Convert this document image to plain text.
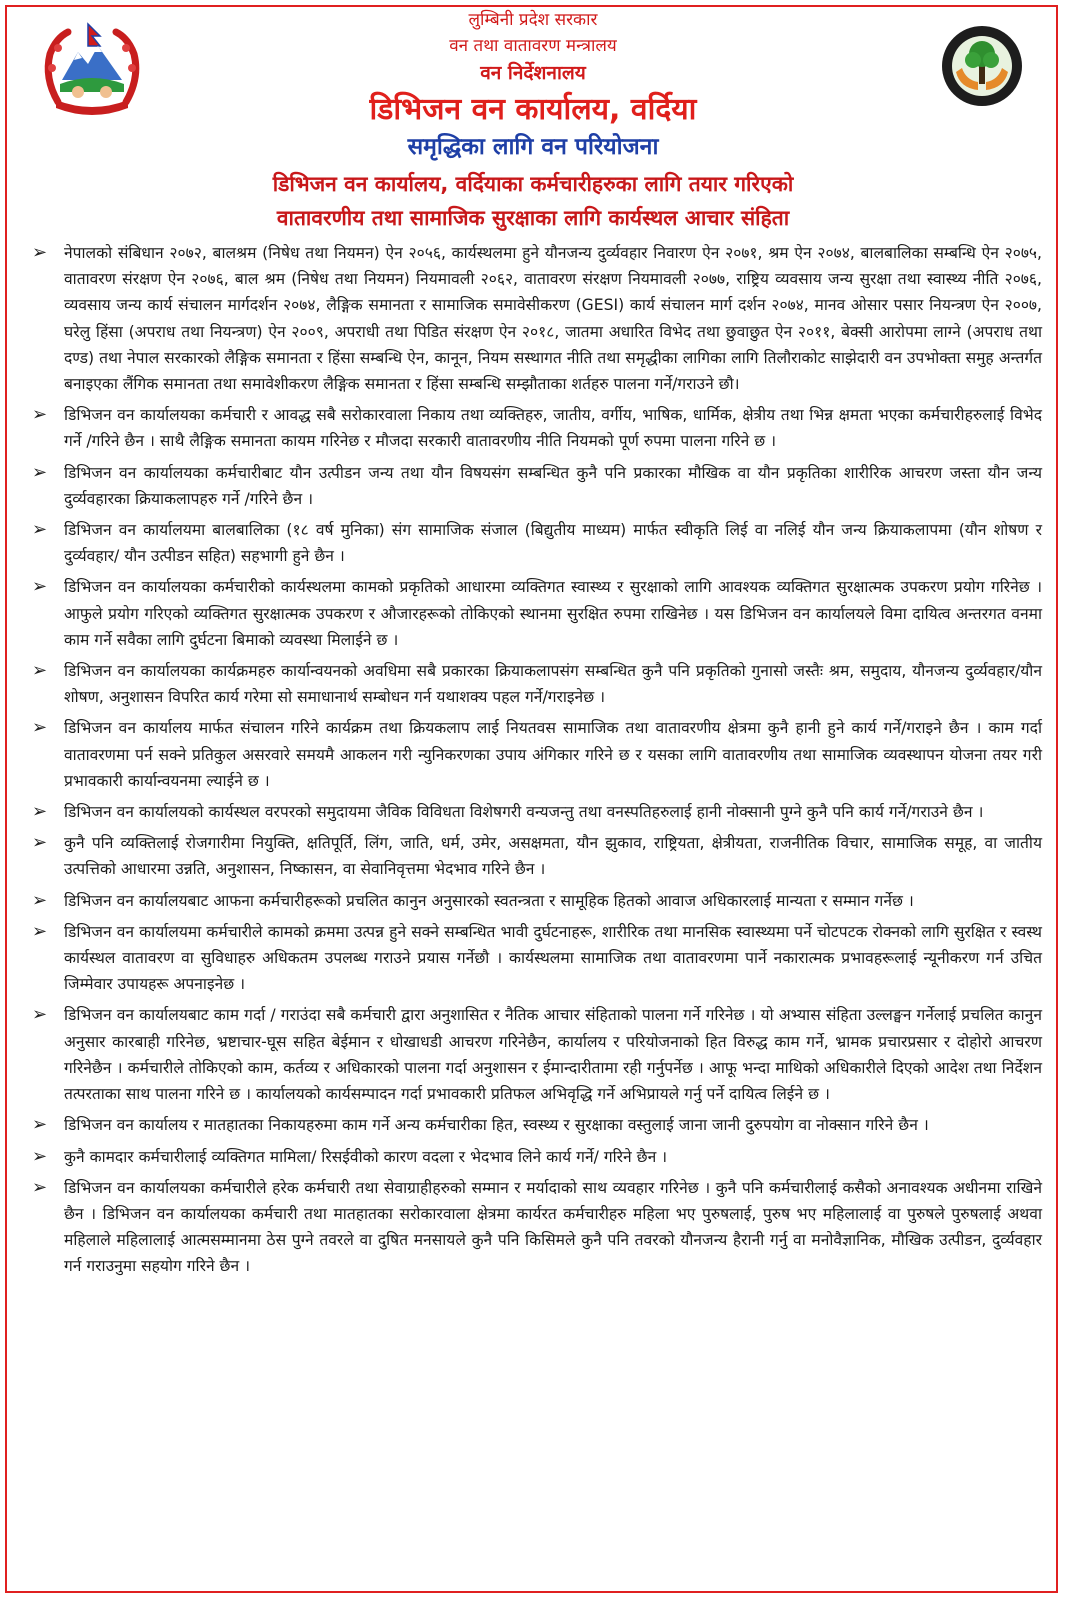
लुम्बिनी प्रदेश सरकार
वन तथा वातावरण मन्त्रालय
वन निर्देशनालय
डिभिजन वन कार्यालय, वर्दिया
समृद्धिका लागि वन परियोजना
डिभिजन वन कार्यालय, वर्दियाका कर्मचारीहरुका लागि तयार गरिएको
वातावरणीय तथा सामाजिक सुरक्षाका लागि कार्यस्थल आचार संहिता
➢ नेपालको संबिधान २०७२, बालश्रम (निषेध तथा नियमन) ऐन २०५६, कार्यस्थलमा हुने यौनजन्य दुर्व्यवहार निवारण ऐन २०७१, श्रम ऐन २०७४, बालबालिका सम्बन्धि ऐन २०७५, वातावरण संरक्षण ऐन २०७६, बाल श्रम (निषेध तथा नियमन) नियमावली २०६२, वातावरण संरक्षण नियमावली २०७७, राष्ट्रिय व्यवसाय जन्य सुरक्षा तथा स्वास्थ्य नीति २०७६, व्यवसाय जन्य कार्य संचालन मार्गदर्शन २०७४, लैङ्गिक समानता र सामाजिक समावेसीकरण (GESI) कार्य संचालन मार्ग दर्शन २०७४, मानव ओसार पसार नियन्त्रण ऐन २००७, घरेलु हिंसा (अपराध तथा नियन्त्रण) ऐन २००९, अपराधी तथा पिडित संरक्षण ऐन २०१८, जातमा अधारित विभेद तथा छुवाछुत ऐन २०११, बेक्सी आरोपमा लाग्ने (अपराध तथा दण्ड) तथा नेपाल सरकारको लैङ्गिक समानता र हिंसा सम्बन्धि ऐन, कानून, नियम सस्थागत नीति तथा समृद्धीका लागिका लागि तिलौराकोट साझेदारी वन उपभोक्ता समुह अन्तर्गत बनाइएका लैंगिक समानता तथा समावेशीकरण लैङ्गिक समानता र हिंसा सम्बन्धि सम्झौताका शर्तहरु पालना गर्ने/गराउने छौ।
➢ डिभिजन वन कार्यालयका कर्मचारी र आवद्ध सबै सरोकारवाला निकाय तथा व्यक्तिहरु, जातीय, वर्गीय, भाषिक, धार्मिक, क्षेत्रीय तथा भिन्न क्षमता भएका कर्मचारीहरुलाई विभेद गर्ने /गरिने छैन । साथै लैङ्गिक समानता कायम गरिनेछ र मौजदा सरकारी वातावरणीय नीति नियमको पूर्ण रुपमा पालना गरिने छ ।
➢ डिभिजन वन कार्यालयका कर्मचारीबाट यौन उत्पीडन जन्य तथा यौन विषयसंग सम्बन्धित कुनै पनि प्रकारका मौखिक वा यौन प्रकृतिका शारीरिक आचरण जस्ता यौन जन्य दुर्व्यवहारका क्रियाकलापहरु गर्ने /गरिने छैन ।
➢ डिभिजन वन कार्यालयमा बालबालिका (१८ वर्ष मुनिका) संग सामाजिक संजाल (बिद्युतीय माध्यम) मार्फत स्वीकृति लिई वा नलिई यौन जन्य क्रियाकलापमा (यौन शोषण र दुर्व्यवहार/ यौन उत्पीडन सहित) सहभागी हुने छैन ।
➢ डिभिजन वन कार्यालयका कर्मचारीको कार्यस्थलमा कामको प्रकृतिको आधारमा व्यक्तिगत स्वास्थ्य र सुरक्षाको लागि आवश्यक व्यक्तिगत सुरक्षात्मक उपकरण प्रयोग गरिनेछ । आफुले प्रयोग गरिएको व्यक्तिगत सुरक्षात्मक उपकरण र औजारहरूको तोकिएको स्थानमा सुरक्षित रुपमा राखिनेछ । यस डिभिजन वन कार्यालयले विमा दायित्व अन्तरगत वनमा काम गर्ने सवैका लागि दुर्घटना बिमाको व्यवस्था मिलाईने छ ।
➢ डिभिजन वन कार्यालयका कार्यक्रमहरु कार्यान्वयनको अवधिमा सबै प्रकारका क्रियाकलापसंग सम्बन्धित कुनै पनि प्रकृतिको गुनासो जस्तैः श्रम, समुदाय, यौनजन्य दुर्व्यवहार/यौन शोषण, अनुशासन विपरित कार्य गरेमा सो समाधानार्थ सम्बोधन गर्न यथाशक्य पहल गर्ने/गराइनेछ ।
➢ डिभिजन वन कार्यालय मार्फत संचालन गरिने कार्यक्रम तथा क्रियकलाप लाई नियतवस सामाजिक तथा वातावरणीय क्षेत्रमा कुनै हानी हुने कार्य गर्ने/गराइने छैन । काम गर्दा वातावरणमा पर्न सक्ने प्रतिकुल असरवारे समयमै आकलन गरी न्युनिकरणका उपाय अंगिकार गरिने छ र यसका लागि वातावरणीय तथा सामाजिक व्यवस्थापन योजना तयर गरी प्रभावकारी कार्यान्वयनमा ल्याईने छ ।
➢ डिभिजन वन कार्यालयको कार्यस्थल वरपरको समुदायमा जैविक विविधता विशेषगरी वन्यजन्तु तथा वनस्पतिहरुलाई हानी नोक्सानी पुग्ने कुनै पनि कार्य गर्ने/गराउने छैन ।
➢ कुनै पनि व्यक्तिलाई रोजगारीमा नियुक्ति, क्षतिपूर्ति, लिंग, जाति, धर्म, उमेर, असक्षमता, यौन झुकाव, राष्ट्रियता, क्षेत्रीयता, राजनीतिक विचार, सामाजिक समूह, वा जातीय उत्पत्तिको आधारमा उन्नति, अनुशासन, निष्कासन, वा सेवानिवृत्तमा भेदभाव गरिने छैन ।
➢ डिभिजन वन कार्यालयबाट आफना कर्मचारीहरूको प्रचलित कानुन अनुसारको स्वतन्त्रता र सामूहिक हितको आवाज अधिकारलाई मान्यता र सम्मान गर्नेछ ।
➢ डिभिजन वन कार्यालयमा कर्मचारीले कामको क्रममा उत्पन्न हुने सक्ने सम्बन्धित भावी दुर्घटनाहरू, शारीरिक तथा मानसिक स्वास्थ्यमा पर्ने चोटपटक रोक्नको लागि सुरक्षित र स्वस्थ कार्यस्थल वातावरण वा सुविधाहरु अधिकतम उपलब्ध गराउने प्रयास गर्नेछौ । कार्यस्थलमा सामाजिक तथा वातावरणमा पार्ने नकारात्मक प्रभावहरूलाई न्यूनीकरण गर्न उचित जिम्मेवार उपायहरू अपनाइनेछ ।
➢ डिभिजन वन कार्यालयबाट काम गर्दा / गराउंदा सबै कर्मचारी द्वारा अनुशासित र नैतिक आचार संहिताको पालना गर्ने गरिनेछ । यो अभ्यास संहिता उल्लङ्घन गर्नेलाई प्रचलित कानुन अनुसार कारबाही गरिनेछ, भ्रष्टाचार-घूस सहित बेईमान र धोखाधडी आचरण गरिनेछैन, कार्यालय र परियोजनाको हित विरुद्ध काम गर्ने, भ्रामक प्रचारप्रसार र दोहोरो आचरण गरिनेछैन । कर्मचारीले तोकिएको काम, कर्तव्य र अधिकारको पालना गर्दा अनुशासन र ईमान्दारीतामा रही गर्नुपर्नेछ । आफू भन्दा माथिको अधिकारीले दिएको आदेश तथा निर्देशन तत्परताका साथ पालना गरिने छ । कार्यालयको कार्यसम्पादन गर्दा प्रभावकारी प्रतिफल अभिवृद्धि गर्ने अभिप्रायले गर्नु पर्ने दायित्व लिईने छ ।
➢ डिभिजन वन कार्यालय र मातहातका निकायहरुमा काम गर्ने अन्य कर्मचारीका हित, स्वस्थ्य र सुरक्षाका वस्तुलाई जाना जानी दुरुपयोग वा नोक्सान गरिने छैन ।
➢ कुनै कामदार कर्मचारीलाई व्यक्तिगत मामिला/ रिसईवीको कारण वदला र भेदभाव लिने कार्य गर्ने/ गरिने छैन ।
➢ डिभिजन वन कार्यालयका कर्मचारीले हरेक कर्मचारी तथा सेवाग्राहीहरुको सम्मान र मर्यादाको साथ व्यवहार गरिनेछ । कुनै पनि कर्मचारीलाई कसैको अनावश्यक अधीनमा राखिने छैन । डिभिजन वन कार्यालयका कर्मचारी तथा मातहातका सरोकारवाला क्षेत्रमा कार्यरत कर्मचारीहरु महिला भए पुरुषलाई, पुरुष भए महिलालाई वा पुरुषले पुरुषलाई अथवा महिलाले महिलालाई आत्मसम्मानमा ठेस पुग्ने तवरले वा दुषित मनसायले कुनै पनि किसिमले कुनै पनि तवरको यौनजन्य हैरानी गर्नु वा मनोवैज्ञानिक, मौखिक उत्पीडन, दुर्व्यवहार गर्न गराउनुमा सहयोग गरिने छैन ।
